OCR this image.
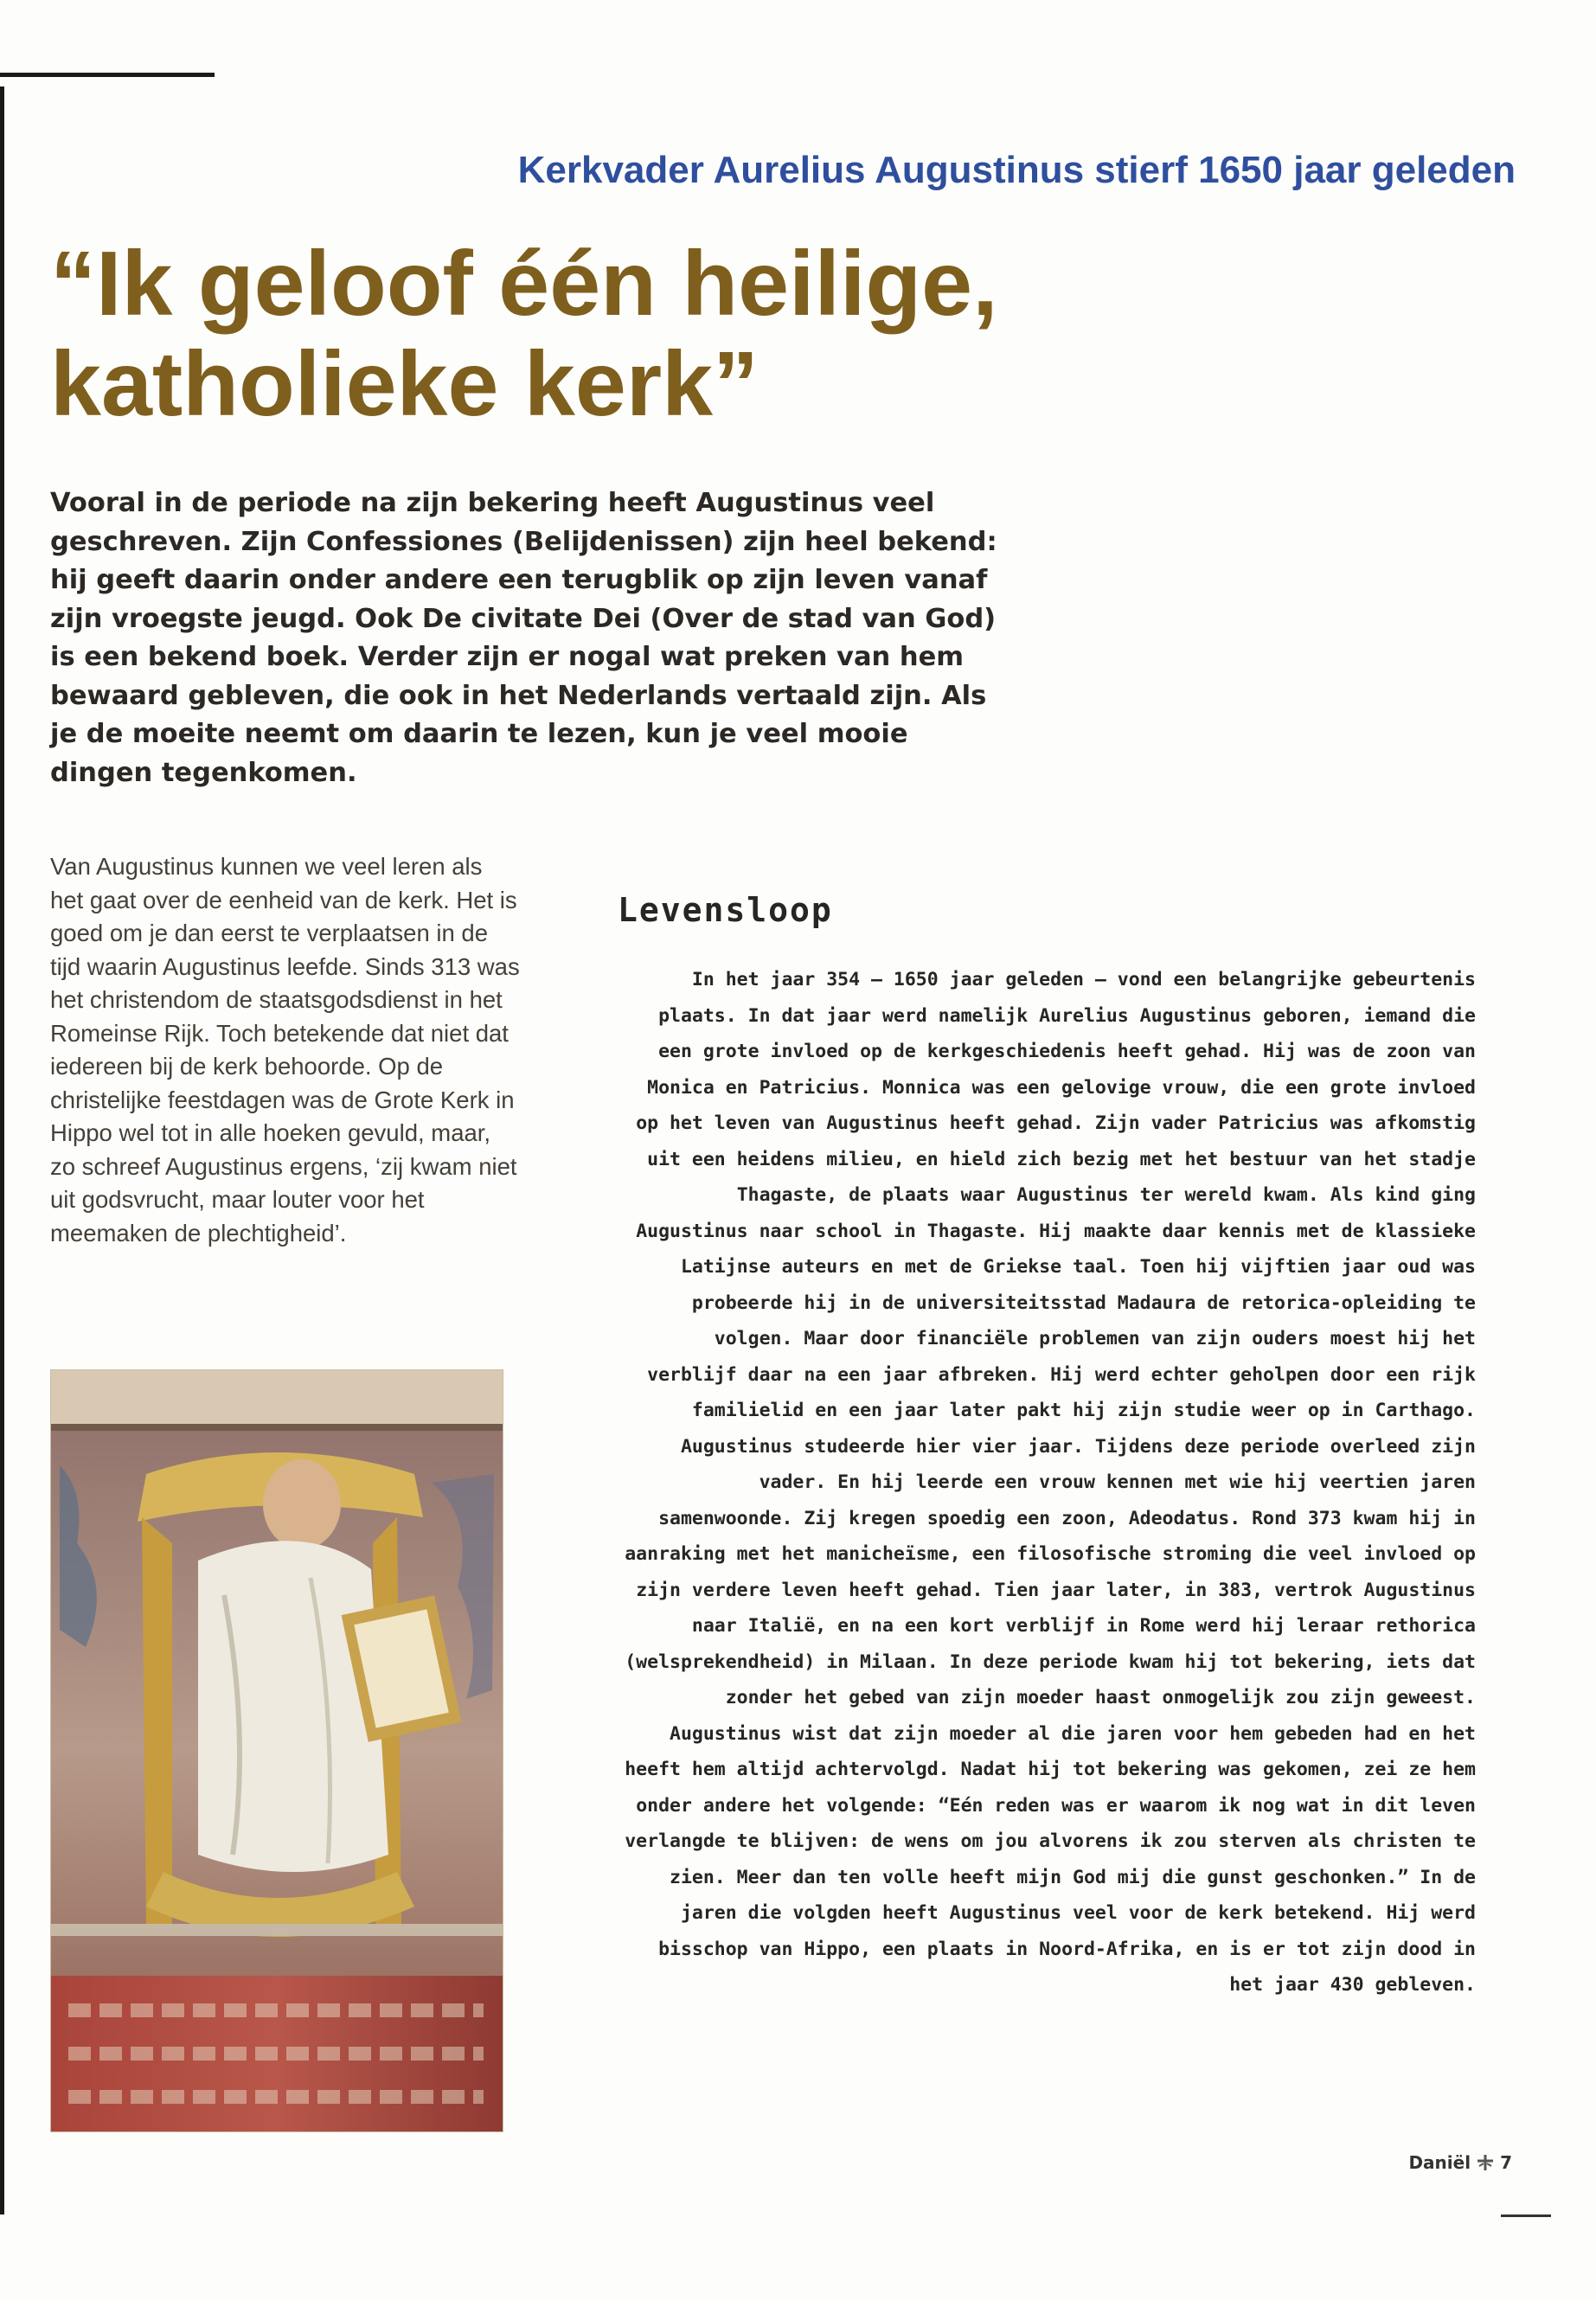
Kerkvader Aurelius Augustinus stierf 1650 jaar geleden
“Ik geloof één heilige, katholieke kerk”

Vooral in de periode na zijn bekering heeft Augustinus veel geschreven. Zijn Confessiones (Belijdenissen) zijn heel bekend: hij geeft daarin onder andere een terugblik op zijn leven vanaf zijn vroegste jeugd. Ook De civitate Dei (Over de stad van God) is een bekend boek. Verder zijn er nogal wat preken van hem bewaard gebleven, die ook in het Nederlands vertaald zijn. Als je de moeite neemt om daarin te lezen, kun je veel mooie dingen tegenkomen.

Van Augustinus kunnen we veel leren als het gaat over de eenheid van de kerk. Het is goed om je dan eerst te verplaatsen in de tijd waarin Augustinus leefde. Sinds 313 was het christendom de staatsgodsdienst in het Romeinse Rijk. Toch betekende dat niet dat iedereen bij de kerk behoorde. Op de christelijke feestdagen was de Grote Kerk in Hippo wel tot in alle hoeken gevuld, maar, zo schreef Augustinus ergens, ‘zij kwam niet uit godsvrucht, maar louter voor het meemaken de plechtigheid’.

Levensloop

In het jaar 354 – 1650 jaar geleden – vond een belangrijke gebeurtenis plaats. In dat jaar werd namelijk Aurelius Augustinus geboren, iemand die een grote invloed op de kerkgeschiedenis heeft gehad. Hij was de zoon van Monica en Patricius. Monnica was een gelovige vrouw, die een grote invloed op het leven van Augustinus heeft gehad. Zijn vader Patricius was afkomstig uit een heidens milieu, en hield zich bezig met het bestuur van het stadje Thagaste, de plaats waar Augustinus ter wereld kwam. Als kind ging Augustinus naar school in Thagaste. Hij maakte daar kennis met de klassieke Latijnse auteurs en met de Griekse taal. Toen hij vijftien jaar oud was probeerde hij in de universiteitsstad Madaura de retorica-opleiding te volgen. Maar door financiële problemen van zijn ouders moest hij het verblijf daar na een jaar afbreken. Hij werd echter geholpen door een rijk familielid en een jaar later pakt hij zijn studie weer op in Carthago. Augustinus studeerde hier vier jaar. Tijdens deze periode overleed zijn vader. En hij leerde een vrouw kennen met wie hij veertien jaren samenwoonde. Zij kregen spoedig een zoon, Adeodatus. Rond 373 kwam hij in aanraking met het manicheïsme, een filosofische stroming die veel invloed op zijn verdere leven heeft gehad. Tien jaar later, in 383, vertrok Augustinus naar Italië, en na een kort verblijf in Rome werd hij leraar rethorica (welsprekendheid) in Milaan. In deze periode kwam hij tot bekering, iets dat zonder het gebed van zijn moeder haast onmogelijk zou zijn geweest. Augustinus wist dat zijn moeder al die jaren voor hem gebeden had en het heeft hem altijd achtervolgd. Nadat hij tot bekering was gekomen, zei ze hem onder andere het volgende: “Eén reden was er waarom ik nog wat in dit leven verlangde te blijven: de wens om jou alvorens ik zou sterven als christen te zien. Meer dan ten volle heeft mijn God mij die gunst geschonken.” In de jaren die volgden heeft Augustinus veel voor de kerk betekend. Hij werd bisschop van Hippo, een plaats in Noord-Afrika, en is er tot zijn dood in het jaar 430 gebleven.

Daniël 7
